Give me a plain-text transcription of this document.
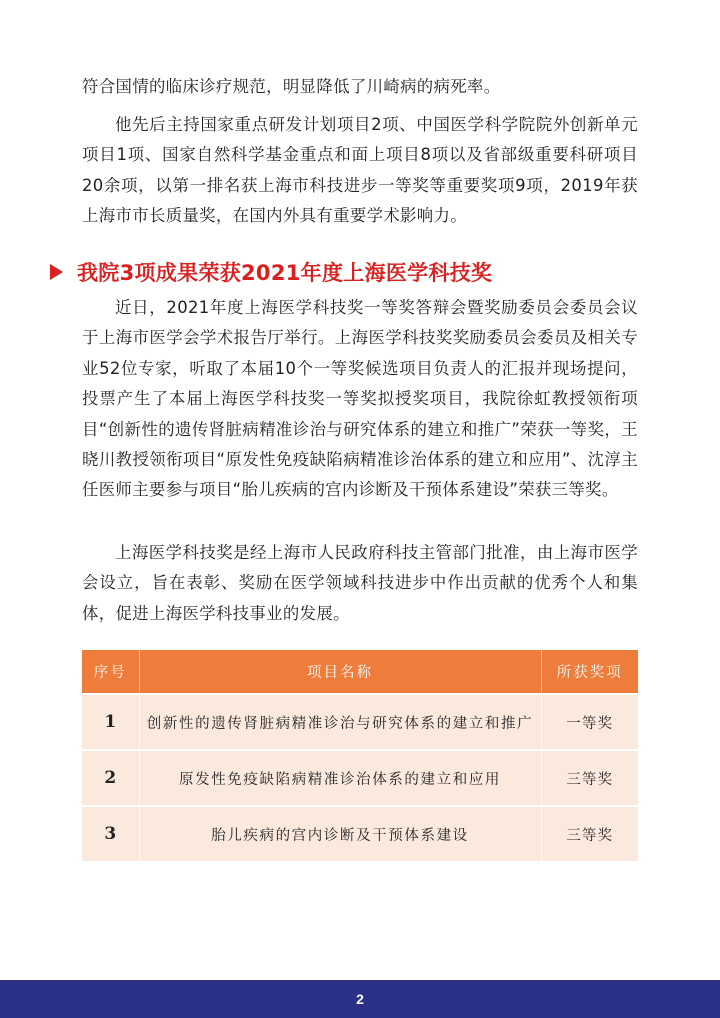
符合国情的临床诊疗规范，明显降低了川崎病的病死率。

他先后主持国家重点研发计划项目2项、中国医学科学院院外创新单元项目1项、国家自然科学基金重点和面上项目8项以及省部级重要科研项目20余项，以第一排名获上海市科技进步一等奖等重要奖项9项，2019年获上海市市长质量奖，在国内外具有重要学术影响力。

我院3项成果荣获2021年度上海医学科技奖

近日，2021年度上海医学科技奖一等奖答辩会暨奖励委员会委员会议于上海市医学会学术报告厅举行。上海医学科技奖奖励委员会委员及相关专业52位专家，听取了本届10个一等奖候选项目负责人的汇报并现场提问，投票产生了本届上海医学科技奖一等奖拟授奖项目，我院徐虹教授领衔项目“创新性的遗传肾脏病精准诊治与研究体系的建立和推广”荣获一等奖，王晓川教授领衔项目“原发性免疫缺陷病精准诊治体系的建立和应用”、沈淳主任医师主要参与项目“胎儿疾病的宫内诊断及干预体系建设”荣获三等奖。

上海医学科技奖是经上海市人民政府科技主管部门批准，由上海市医学会设立，旨在表彰、奖励在医学领域科技进步中作出贡献的优秀个人和集体，促进上海医学科技事业的发展。

序号	项目名称	所获奖项
1	创新性的遗传肾脏病精准诊治与研究体系的建立和推广	一等奖
2	原发性免疫缺陷病精准诊治体系的建立和应用	三等奖
3	胎儿疾病的宫内诊断及干预体系建设	三等奖
2
